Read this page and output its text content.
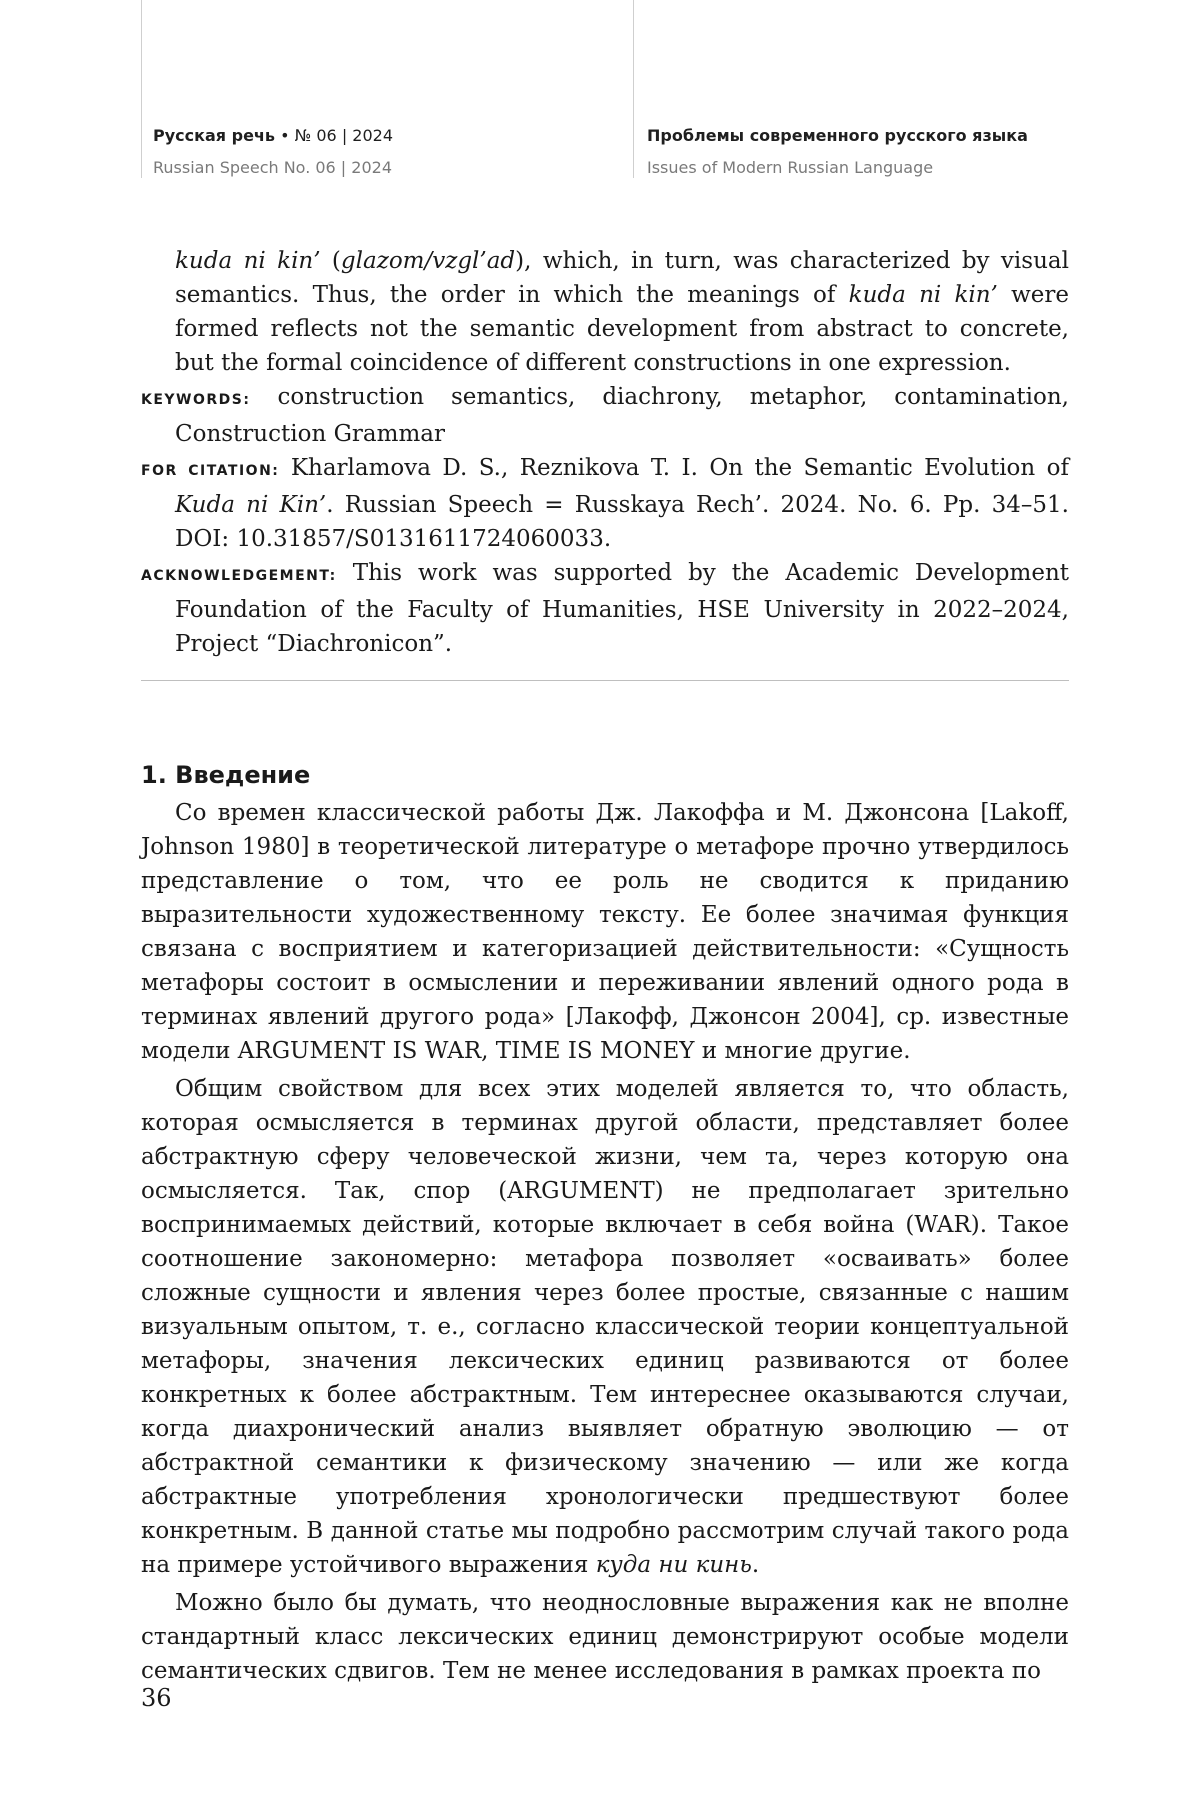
Русская речь • № 06 | 2024
Russian Speech No. 06 | 2024
Проблемы современного русского языка
Issues of Modern Russian Language

kuda ni kin’ (glazom/vzgl’ad), which, in turn, was characterized by visual semantics. Thus, the order in which the meanings of kuda ni kin’ were formed reflects not the semantic development from abstract to concrete, but the formal coincidence of different constructions in one expression.

KEYWORDS: construction semantics, diachrony, metaphor, contamination, Construction Grammar

FOR CITATION: Kharlamova D. S., Reznikova T. I. On the Semantic Evolution of Kuda ni Kin’. Russian Speech = Russkaya Rech’. 2024. No. 6. Pp. 34–51. DOI: 10.31857/S0131611724060033.

ACKNOWLEDGEMENT: This work was supported by the Academic Development Foundation of the Faculty of Humanities, HSE University in 2022–2024, Project “Diachronicon”.

1. Введение

Со времен классической работы Дж. Лакоффа и М. Джонсона [Lakoff, Johnson 1980] в теоретической литературе о метафоре прочно утвердилось представление о том, что ее роль не сводится к приданию выразительности художественному тексту. Ее более значимая функция связана с восприятием и категоризацией действительности: «Сущность метафоры состоит в осмыслении и переживании явлений одного рода в терминах явлений другого рода» [Лакофф, Джонсон 2004], ср. известные модели ARGUMENT IS WAR, TIME IS MONEY и многие другие.

Общим свойством для всех этих моделей является то, что область, которая осмысляется в терминах другой области, представляет более абстрактную сферу человеческой жизни, чем та, через которую она осмысляется. Так, спор (ARGUMENT) не предполагает зрительно воспринимаемых действий, которые включает в себя война (WAR). Такое соотношение закономерно: метафора позволяет «осваивать» более сложные сущности и явления через более простые, связанные с нашим визуальным опытом, т. е., согласно классической теории концептуальной метафоры, значения лексических единиц развиваются от более конкретных к более абстрактным. Тем интереснее оказываются случаи, когда диахронический анализ выявляет обратную эволюцию — от абстрактной семантики к физическому значению — или же когда абстрактные употребления хронологически предшествуют более конкретным. В данной статье мы подробно рассмотрим случай такого рода на примере устойчивого выражения куда ни кинь.

Можно было бы думать, что неоднословные выражения как не вполне стандартный класс лексических единиц демонстрируют особые модели семантических сдвигов. Тем не менее исследования в рамках проекта по

36
